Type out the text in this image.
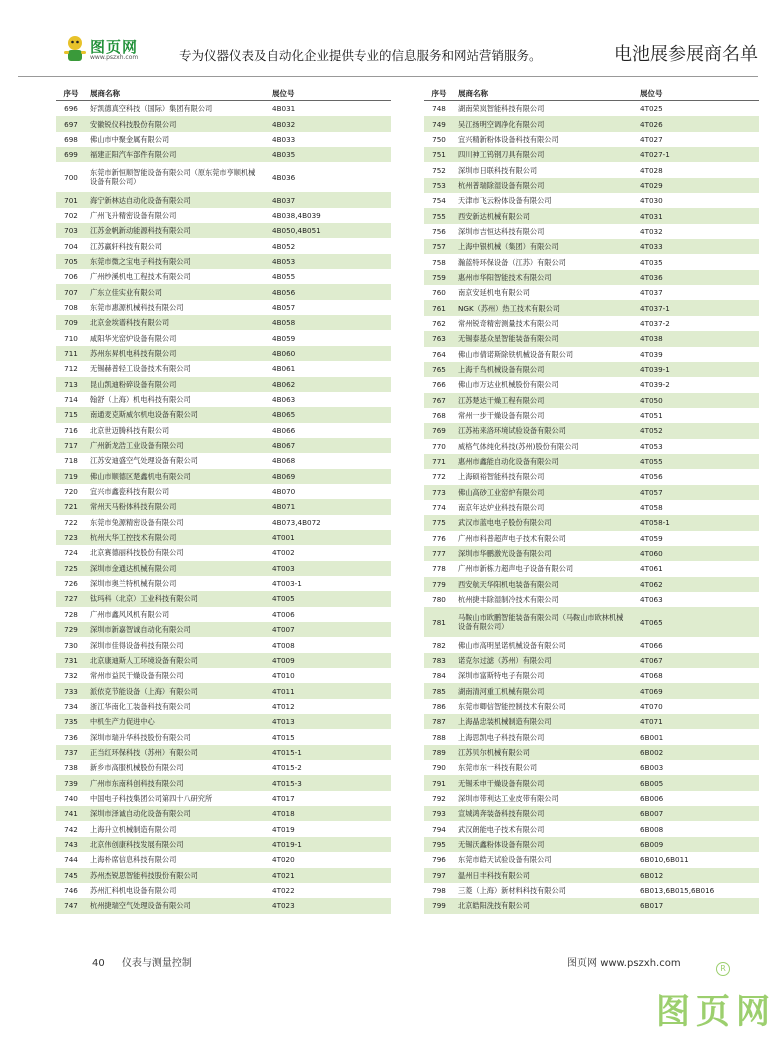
图页网
www.pszxh.com	专为仪器仪表及自动化企业提供专业的信息服务和网站营销服务。	电池展参展商名单
序号	展商名称	展位号
696	好凯德真空科技（国际）集团有限公司	4B031
697	安徽锐仪科技股份有限公司	4B032
698	佛山市中聚金属有限公司	4B033
699	福建正阳汽车部件有限公司	4B035
700	东莞市新恒顺智能设备有限公司（原东莞市亨顺机械设备有限公司）	4B036
701	海宁新林达自动化设备有限公司	4B037
702	广州飞升精密设备有限公司	4B038,4B039
703	江苏金帆新动能源科技有限公司	4B050,4B051
704	江苏赢轩科技有限公司	4B052
705	东莞市微之宝电子科技有限公司	4B053
706	广州纱溪机电工程技术有限公司	4B055
707	广东立佳实业有限公司	4B056
708	东莞市惠源机械科技有限公司	4B057
709	北京金埃谱科技有限公司	4B058
710	咸阳华光窑炉设备有限公司	4B059
711	苏州东昇机电科技有限公司	4B060
712	无锡赫普轻工设备技术有限公司	4B061
713	昆山凯迪粉碎设备有限公司	4B062
714	翰舒（上海）机电科技有限公司	4B063
715	南通麦克斯威尔机电设备有限公司	4B065
716	北京世迈腾科技有限公司	4B066
717	广州新龙浩工业设备有限公司	4B067
718	江苏安迪盛空气处理设备有限公司	4B068
719	佛山市顺德区楚鑫机电有限公司	4B069
720	宜兴市鑫瓷科技有限公司	4B070
721	常州天马粉体科技有限公司	4B071
722	东莞市兔源精密设备有限公司	4B073,4B072
723	杭州大华工控技术有限公司	4T001
724	北京赛德丽科技股份有限公司	4T002
725	深圳市金通达机械有限公司	4T003
726	深圳市奥兰特机械有限公司	4T003-1
727	钛玛科（北京）工业科技有限公司	4T005
728	广州市鑫风风机有限公司	4T006
729	深圳市新嘉智诚自动化有限公司	4T007
730	深圳市佳得设备科技有限公司	4T008
731	北京康迪斯人工环境设备有限公司	4T009
732	常州市益民干燥设备有限公司	4T010
733	派依克节能设备（上海）有限公司	4T011
734	浙江华南化工装备科技有限公司	4T012
735	中机生产力促进中心	4T013
736	深圳市瑞升华科技股份有限公司	4T015
737	正当红环保科技（苏州）有限公司	4T015-1
738	新乡市高服机械股份有限公司	4T015-2
739	广州市东南科创科技有限公司	4T015-3
740	中国电子科技集团公司第四十八研究所	4T017
741	深圳市泽诚自动化设备有限公司	4T018
742	上海升立机械制造有限公司	4T019
743	北京伟创康科技发展有限公司	4T019-1
744	上海朴席信息科技有限公司	4T020
745	苏州杰锐思智能科技股份有限公司	4T021
746	苏州汇科机电设备有限公司	4T022
747	杭州捷瑞空气处理设备有限公司	4T023
序号	展商名称	展位号
748	湖南荣岚智能科技有限公司	4T025
749	吴江扬明空调净化有限公司	4T026
750	宜兴精新粉体设备科技有限公司	4T027
751	四川神工钨钢刀具有限公司	4T027-1
752	深圳市日联科技有限公司	4T028
753	杭州普瑞除湿设备有限公司	4T029
754	天津市飞云粉体设备有限公司	4T030
755	西安新达机械有限公司	4T031
756	深圳市吉恒达科技有限公司	4T032
757	上海中银机械（集团）有限公司	4T033
758	瀚蓝特环保设备（江苏）有限公司	4T035
759	惠州市华阳智能技术有限公司	4T036
760	南京安延机电有限公司	4T037
761	NGK（苏州）热工技术有限公司	4T037-1
762	常州锐奇精密测量技术有限公司	4T037-2
763	无锡泰基众星智能装备有限公司	4T038
764	佛山市倩诺斯除铁机械设备有限公司	4T039
765	上海千鸟机械设备有限公司	4T039-1
766	佛山市万达业机械股份有限公司	4T039-2
767	江苏楚达干燥工程有限公司	4T050
768	常州一步干燥设备有限公司	4T051
769	江苏祐来洛环境试验设备有限公司	4T052
770	威格气体纯化科技(苏州)股份有限公司	4T053
771	惠州市鑫能自动化设备有限公司	4T055
772	上海硕裕智能科技有限公司	4T056
773	佛山高砂工业窑炉有限公司	4T057
774	南京年达炉业科技有限公司	4T058
775	武汉市蓝电电子股份有限公司	4T058-1
776	广州市科普超声电子技术有限公司	4T059
777	深圳市华鹏激光设备有限公司	4T060
778	广州市新栋力超声电子设备有限公司	4T061
779	西安航天华阳机电装备有限公司	4T062
780	杭州捷丰除湿制冷技术有限公司	4T063
781	马鞍山市欧鹏智能装备有限公司（马鞍山市欧林机械设备有限公司）	4T065
782	佛山市高明星诺机械设备有限公司	4T066
783	诺克尔过滤（苏州）有限公司	4T067
784	深圳市富斯特电子有限公司	4T068
785	湖南清河重工机械有限公司	4T069
786	东莞市卿信智能控制技术有限公司	4T070
787	上海晶忠装机械制造有限公司	4T071
788	上海思凯电子科技有限公司	6B001
789	江苏贝尔机械有限公司	6B002
790	东莞市东一科技有限公司	6B003
791	无锡禾申干燥设备有限公司	6B005
792	深圳市带利达工业皮带有限公司	6B006
793	宣城鸿奔装备科技有限公司	6B007
794	武汉朗能电子技术有限公司	6B008
795	无锡沃鑫粉体设备有限公司	6B009
796	东莞市皓天试验设备有限公司	6B010,6B011
797	温州日丰科技有限公司	6B012
798	三菱（上海）新材料科技有限公司	6B013,6B015,6B016
799	北京皓阳洗技有限公司	6B017
40 仪表与测量控制	图页网 www.pszxh.com
图页网
R
